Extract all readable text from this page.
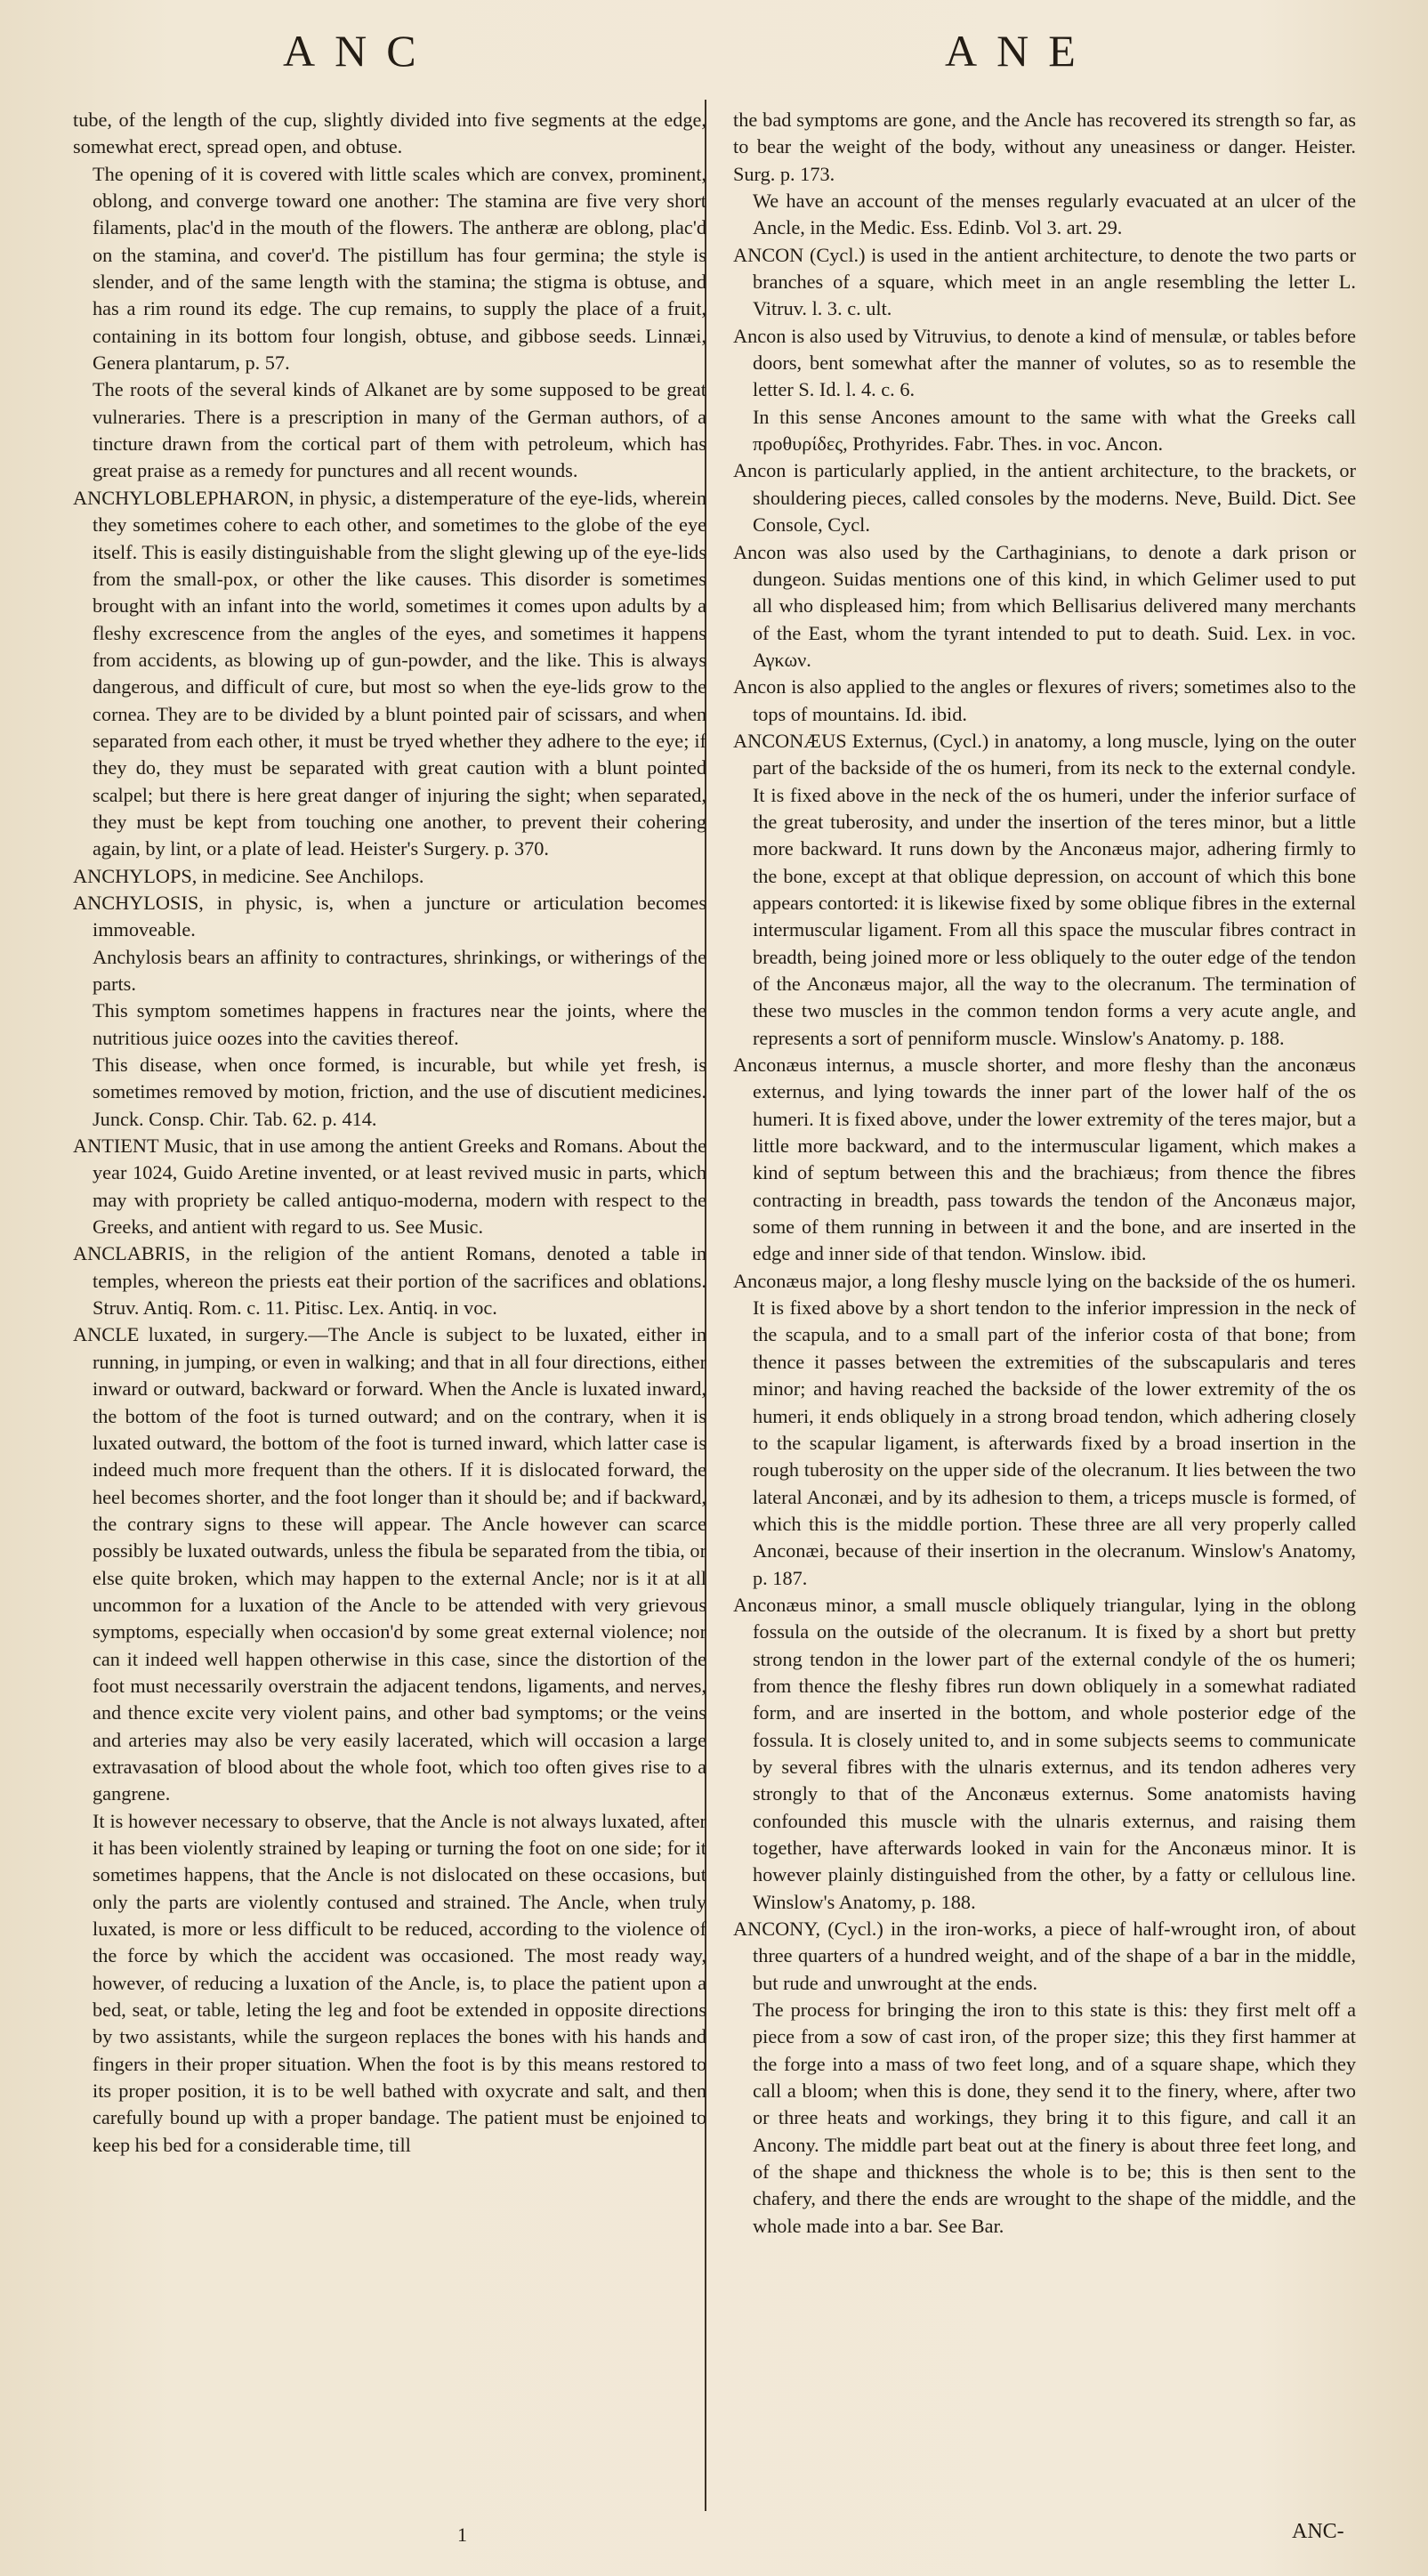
ANC	ANE

tube, of the length of the cup, slightly divided into five segments at the edge, somewhat erect, spread open, and obtuse.

The opening of it is covered with little scales which are convex, prominent, oblong, and converge toward one another: The stamina are five very short filaments, plac'd in the mouth of the flowers. The antheræ are oblong, plac'd on the stamina, and cover'd. The pistillum has four germina; the style is slender, and of the same length with the stamina; the stigma is obtuse, and has a rim round its edge. The cup remains, to supply the place of a fruit, containing in its bottom four longish, obtuse, and gibbose seeds. Linnæi, Genera plantarum, p. 57.

The roots of the several kinds of Alkanet are by some supposed to be great vulneraries. There is a prescription in many of the German authors, of a tincture drawn from the cortical part of them with petroleum, which has great praise as a remedy for punctures and all recent wounds.

ANCHYLOBLEPHARON, in physic, a distemperature of the eye-lids, wherein they sometimes cohere to each other, and sometimes to the globe of the eye itself. This is easily distinguishable from the slight glewing up of the eye-lids from the small-pox, or other the like causes. This disorder is sometimes brought with an infant into the world, sometimes it comes upon adults by a fleshy excrescence from the angles of the eyes, and sometimes it happens from accidents, as blowing up of gun-powder, and the like. This is always dangerous, and difficult of cure, but most so when the eye-lids grow to the cornea. They are to be divided by a blunt pointed pair of scissars, and when separated from each other, it must be tryed whether they adhere to the eye; if they do, they must be separated with great caution with a blunt pointed scalpel; but there is here great danger of injuring the sight; when separated, they must be kept from touching one another, to prevent their cohering again, by lint, or a plate of lead. Heister's Surgery. p. 370.

ANCHYLOPS, in medicine. See Anchilops.

ANCHYLOSIS, in physic, is, when a juncture or articulation becomes immoveable.

Anchylosis bears an affinity to contractures, shrinkings, or witherings of the parts.

This symptom sometimes happens in fractures near the joints, where the nutritious juice oozes into the cavities thereof.

This disease, when once formed, is incurable, but while yet fresh, is sometimes removed by motion, friction, and the use of discutient medicines. Junck. Consp. Chir. Tab. 62. p. 414.

ANTIENT Music, that in use among the antient Greeks and Romans. About the year 1024, Guido Aretine invented, or at least revived music in parts, which may with propriety be called antiquo-moderna, modern with respect to the Greeks, and antient with regard to us. See Music.

ANCLABRIS, in the religion of the antient Romans, denoted a table in temples, whereon the priests eat their portion of the sacrifices and oblations. Struv. Antiq. Rom. c. 11. Pitisc. Lex. Antiq. in voc.

ANCLE luxated, in surgery.—The Ancle is subject to be luxated, either in running, in jumping, or even in walking; and that in all four directions, either inward or outward, backward or forward. When the Ancle is luxated inward, the bottom of the foot is turned outward; and on the contrary, when it is luxated outward, the bottom of the foot is turned inward, which latter case is indeed much more frequent than the others. If it is dislocated forward, the heel becomes shorter, and the foot longer than it should be; and if backward, the contrary signs to these will appear. The Ancle however can scarce possibly be luxated outwards, unless the fibula be separated from the tibia, or else quite broken, which may happen to the external Ancle; nor is it at all uncommon for a luxation of the Ancle to be attended with very grievous symptoms, especially when occasion'd by some great external violence; nor can it indeed well happen otherwise in this case, since the distortion of the foot must necessarily overstrain the adjacent tendons, ligaments, and nerves, and thence excite very violent pains, and other bad symptoms; or the veins and arteries may also be very easily lacerated, which will occasion a large extravasation of blood about the whole foot, which too often gives rise to a gangrene.

It is however necessary to observe, that the Ancle is not always luxated, after it has been violently strained by leaping or turning the foot on one side; for it sometimes happens, that the Ancle is not dislocated on these occasions, but only the parts are violently contused and strained. The Ancle, when truly luxated, is more or less difficult to be reduced, according to the violence of the force by which the accident was occasioned. The most ready way, however, of reducing a luxation of the Ancle, is, to place the patient upon a bed, seat, or table, leting the leg and foot be extended in opposite directions by two assistants, while the surgeon replaces the bones with his hands and fingers in their proper situation. When the foot is by this means restored to its proper position, it is to be well bathed with oxycrate and salt, and then carefully bound up with a proper bandage. The patient must be enjoined to keep his bed for a considerable time, till

the bad symptoms are gone, and the Ancle has recovered its strength so far, as to bear the weight of the body, without any uneasiness or danger. Heister. Surg. p. 173.

We have an account of the menses regularly evacuated at an ulcer of the Ancle, in the Medic. Ess. Edinb. Vol 3. art. 29.

ANCON (Cycl.) is used in the antient architecture, to denote the two parts or branches of a square, which meet in an angle resembling the letter L. Vitruv. l. 3. c. ult.

Ancon is also used by Vitruvius, to denote a kind of mensulæ, or tables before doors, bent somewhat after the manner of volutes, so as to resemble the letter S. Id. l. 4. c. 6.

In this sense Ancones amount to the same with what the Greeks call προθυρίδες, Prothyrides. Fabr. Thes. in voc. Ancon.

Ancon is particularly applied, in the antient architecture, to the brackets, or shouldering pieces, called consoles by the moderns. Neve, Build. Dict. See Console, Cycl.

Ancon was also used by the Carthaginians, to denote a dark prison or dungeon. Suidas mentions one of this kind, in which Gelimer used to put all who displeased him; from which Bellisarius delivered many merchants of the East, whom the tyrant intended to put to death. Suid. Lex. in voc. Αγκων.

Ancon is also applied to the angles or flexures of rivers; sometimes also to the tops of mountains. Id. ibid.

ANCONÆUS Externus, (Cycl.) in anatomy, a long muscle, lying on the outer part of the backside of the os humeri, from its neck to the external condyle. It is fixed above in the neck of the os humeri, under the inferior surface of the great tuberosity, and under the insertion of the teres minor, but a little more backward. It runs down by the Anconæus major, adhering firmly to the bone, except at that oblique depression, on account of which this bone appears contorted: it is likewise fixed by some oblique fibres in the external intermuscular ligament. From all this space the muscular fibres contract in breadth, being joined more or less obliquely to the outer edge of the tendon of the Anconæus major, all the way to the olecranum. The termination of these two muscles in the common tendon forms a very acute angle, and represents a sort of penniform muscle. Winslow's Anatomy. p. 188.

Anconæus internus, a muscle shorter, and more fleshy than the anconæus externus, and lying towards the inner part of the lower half of the os humeri. It is fixed above, under the lower extremity of the teres major, but a little more backward, and to the intermuscular ligament, which makes a kind of septum between this and the brachiæus; from thence the fibres contracting in breadth, pass towards the tendon of the Anconæus major, some of them running in between it and the bone, and are inserted in the edge and inner side of that tendon. Winslow. ibid.

Anconæus major, a long fleshy muscle lying on the backside of the os humeri. It is fixed above by a short tendon to the inferior impression in the neck of the scapula, and to a small part of the inferior costa of that bone; from thence it passes between the extremities of the subscapularis and teres minor; and having reached the backside of the lower extremity of the os humeri, it ends obliquely in a strong broad tendon, which adhering closely to the scapular ligament, is afterwards fixed by a broad insertion in the rough tuberosity on the upper side of the olecranum. It lies between the two lateral Anconæi, and by its adhesion to them, a triceps muscle is formed, of which this is the middle portion. These three are all very properly called Anconæi, because of their insertion in the olecranum. Winslow's Anatomy, p. 187.

Anconæus minor, a small muscle obliquely triangular, lying in the oblong fossula on the outside of the olecranum. It is fixed by a short but pretty strong tendon in the lower part of the external condyle of the os humeri; from thence the fleshy fibres run down obliquely in a somewhat radiated form, and are inserted in the bottom, and whole posterior edge of the fossula. It is closely united to, and in some subjects seems to communicate by several fibres with the ulnaris externus, and its tendon adheres very strongly to that of the Anconæus externus. Some anatomists having confounded this muscle with the ulnaris externus, and raising them together, have afterwards looked in vain for the Anconæus minor. It is however plainly distinguished from the other, by a fatty or cellulous line. Winslow's Anatomy, p. 188.

ANCONY, (Cycl.) in the iron-works, a piece of half-wrought iron, of about three quarters of a hundred weight, and of the shape of a bar in the middle, but rude and unwrought at the ends.

The process for bringing the iron to this state is this: they first melt off a piece from a sow of cast iron, of the proper size; this they first hammer at the forge into a mass of two feet long, and of a square shape, which they call a bloom; when this is done, they send it to the finery, where, after two or three heats and workings, they bring it to this figure, and call it an Ancony. The middle part beat out at the finery is about three feet long, and of the shape and thickness the whole is to be; this is then sent to the chafery, and there the ends are wrought to the shape of the middle, and the whole made into a bar. See Bar.

1	ANC-
